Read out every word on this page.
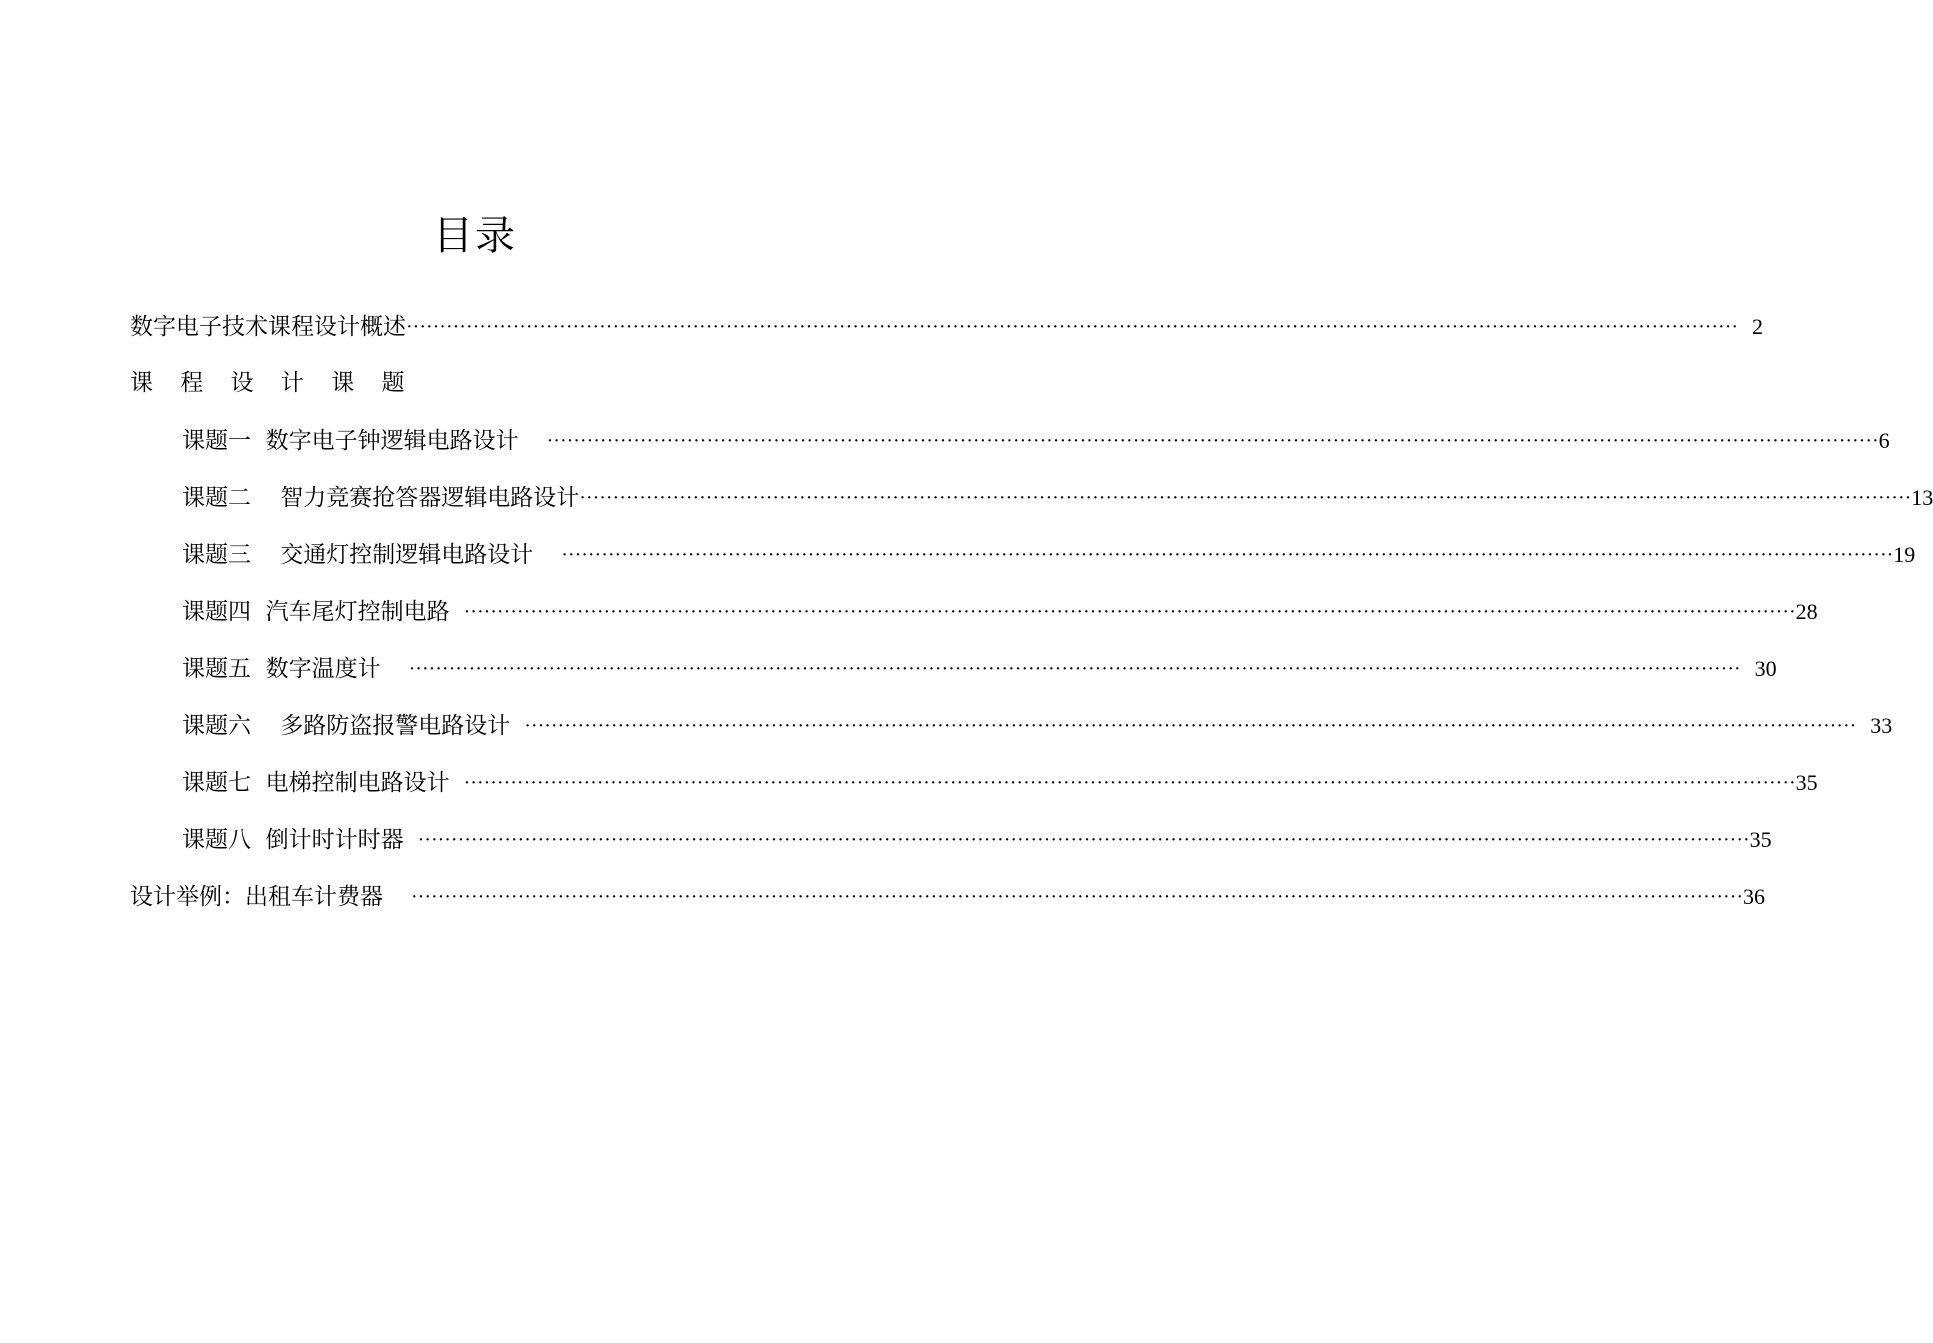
目录
数字电子技术课程设计概述 ········································································································································································································ 2
课 程 设 计 课 题
课题一  数字电子钟逻辑电路设计 ········································································································································································································ 6
课题二    智力竞赛抢答器逻辑电路设计 ········································································································································································································ 13
课题三    交通灯控制逻辑电路设计 ········································································································································································································ 19
课题四  汽车尾灯控制电路 ········································································································································································································ 28
课题五  数字温度计 ········································································································································································································ 30
课题六    多路防盗报警电路设计 ········································································································································································································ 33
课题七  电梯控制电路设计 ········································································································································································································ 35
课题八  倒计时计时器 ········································································································································································································ 35
设计举例：出租车计费器 ········································································································································································································ 36
